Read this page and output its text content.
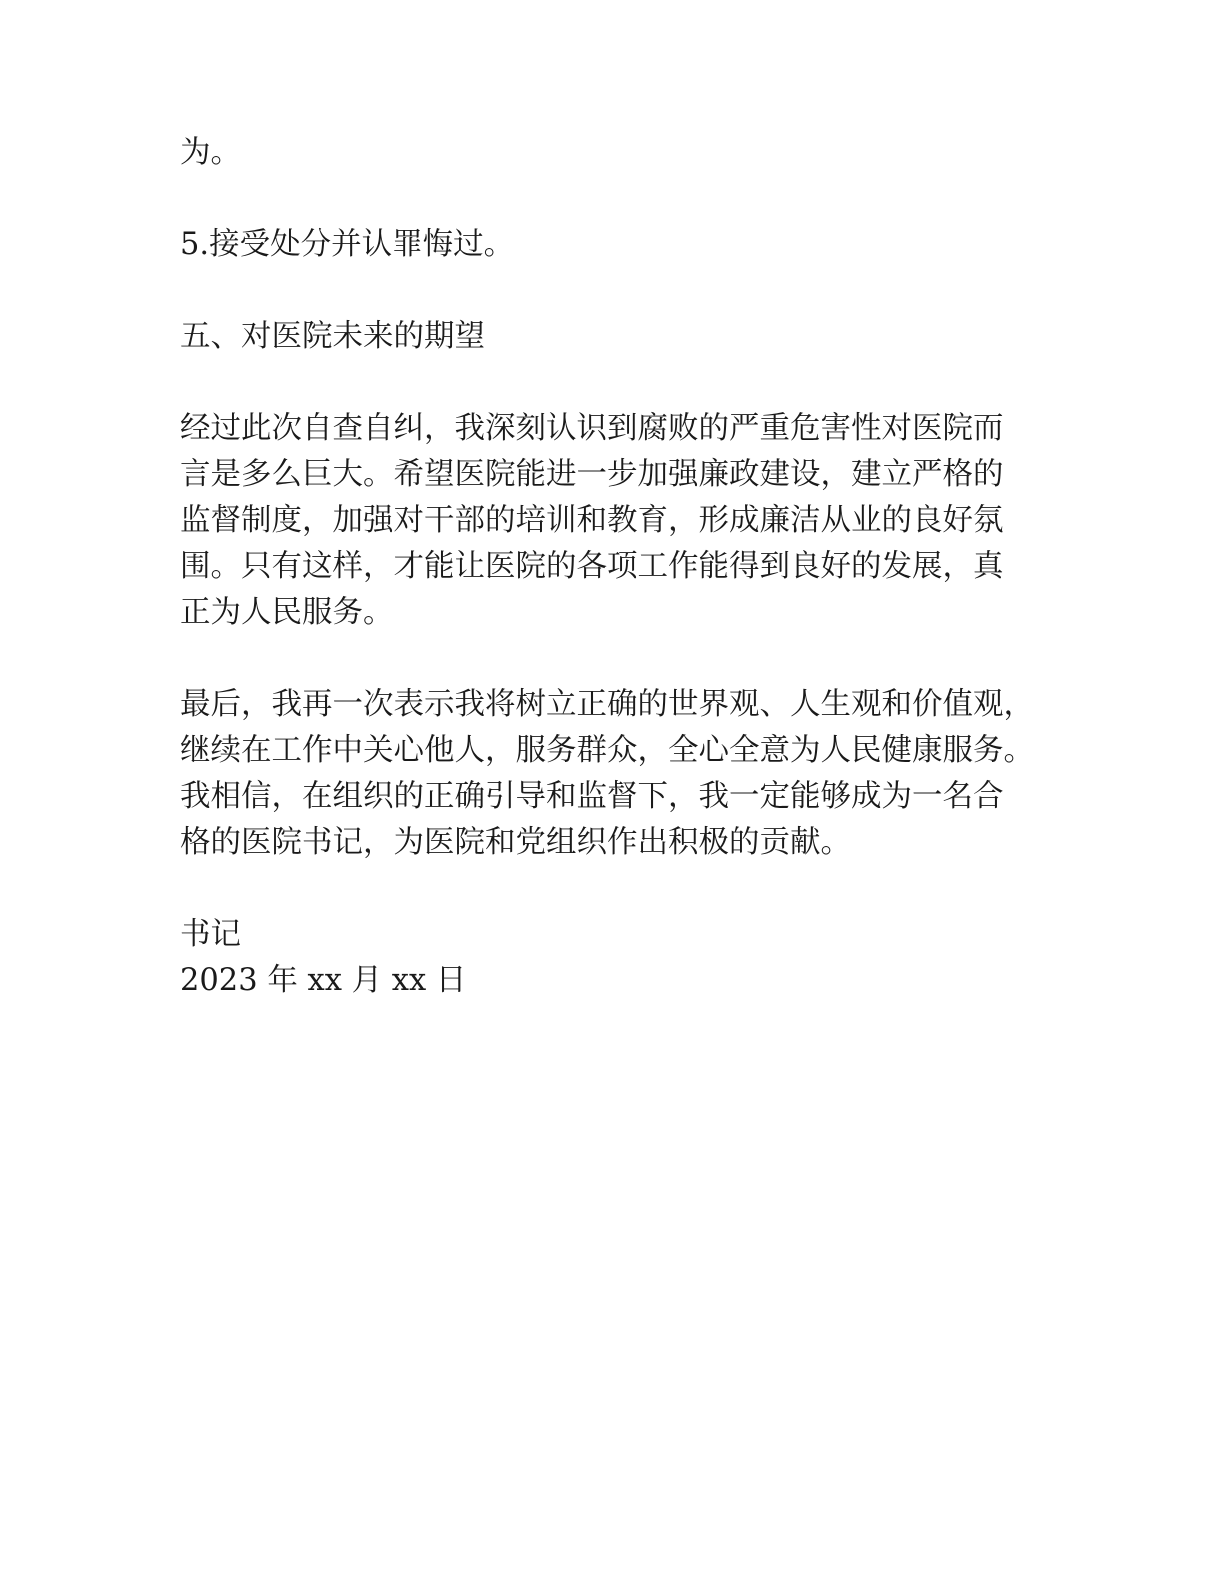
为。

5.接受处分并认罪悔过。

五、对医院未来的期望

经过此次自查自纠，我深刻认识到腐败的严重危害性对医院而
言是多么巨大。希望医院能进一步加强廉政建设，建立严格的
监督制度，加强对干部的培训和教育，形成廉洁从业的良好氛
围。只有这样，才能让医院的各项工作能得到良好的发展，真
正为人民服务。

最后，我再一次表示我将树立正确的世界观、人生观和价值观，
继续在工作中关心他人，服务群众，全心全意为人民健康服务。
我相信，在组织的正确引导和监督下，我一定能够成为一名合
格的医院书记，为医院和党组织作出积极的贡献。

书记
2023 年 xx 月 xx 日
